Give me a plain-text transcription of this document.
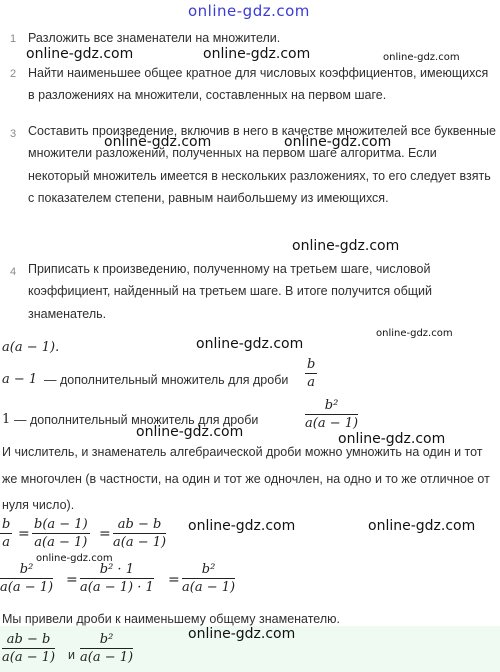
online-gdz.com
1 Разложить все знаменатели на множители.
2 Найти наименьшее общее кратное для числовых коэффициентов, имеющихся в разложениях на множители, составленных на первом шаге.
3 Составить произведение, включив в него в качестве множителей все буквенные множители разложений, полученных на первом шаге алгоритма. Если некоторый множитель имеется в нескольких разложениях, то его следует взять с показателем степени, равным наибольшему из имеющихся.
4 Приписать к произведению, полученному на третьем шаге, числовой коэффициент, найденный на третьем шаге. В итоге получится общий знаменатель.
online-gdz.com	online-gdz.com	online-gdz.com
online-gdz.com	online-gdz.com
online-gdz.com
online-gdz.com
a(a − 1).	online-gdz.com
a − 1 — дополнительный множитель для дроби $\frac{b}{a}$
1 — дополнительный множитель для дроби	$\frac{\text{b²}}{a(a - 1)}$
online-gdz.com	online-gdz.com
И числитель, и знаменатель алгебраической дроби можно умножить на один и тот же многочлен (в частности, на один и тот же одночлен, на одно и то же отличное от нуля число).
$\frac{b}{a} = \frac{b(a - 1)}{a(a - 1)} = \frac{ab - b}{a(a - 1)}$ online-gdz.com	online-gdz.com
online-gdz.com
$\frac{\text{b²}}{a(a - 1)} = \frac{\text{b² · 1}}{a(a - 1) \cdot 1} = \frac{\text{b²}}{a(a - 1)}$
Мы привели дроби к наименьшему общему знаменателю.
$\frac{ab - b}{a(a - 1)}$ и $\frac{\text{b²}}{a(a - 1)}$	online-gdz.com
